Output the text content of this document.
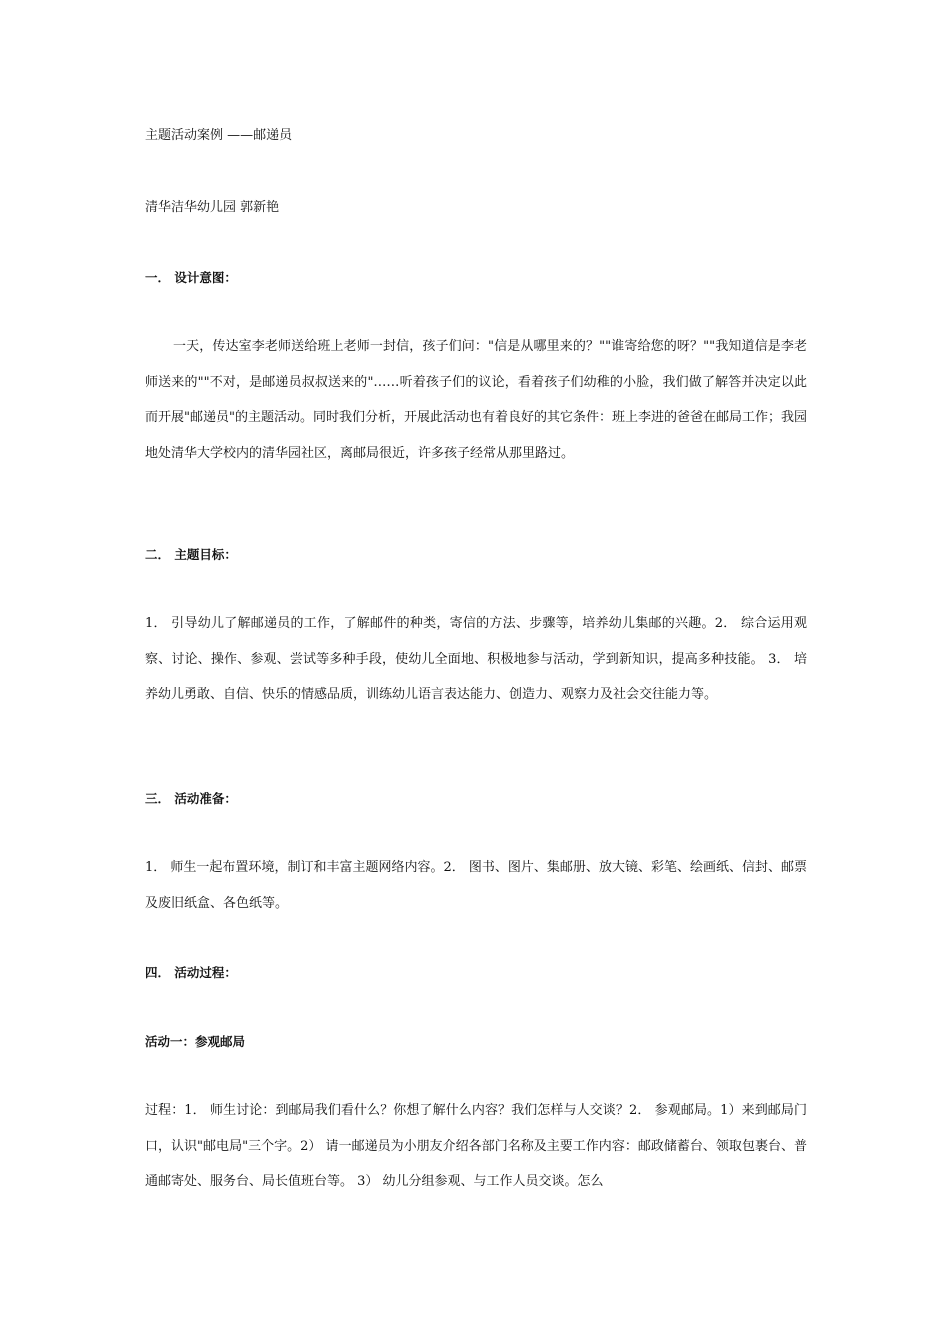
主题活动案例 ——邮递员
清华洁华幼儿园 郭新艳
一． 设计意图：
一天，传达室李老师送给班上老师一封信，孩子们问："信是从哪里来的？""谁寄给您的呀？""我知道信是李老师送来的""不对，是邮递员叔叔送来的"……听着孩子们的议论，看着孩子们幼稚的小脸，我们做了解答并决定以此而开展"邮递员"的主题活动。同时我们分析，开展此活动也有着良好的其它条件：班上李进的爸爸在邮局工作；我园地处清华大学校内的清华园社区，离邮局很近，许多孩子经常从那里路过。
二． 主题目标：
1． 引导幼儿了解邮递员的工作，了解邮件的种类，寄信的方法、步骤等，培养幼儿集邮的兴趣。2． 综合运用观察、讨论、操作、参观、尝试等多种手段，使幼儿全面地、积极地参与活动，学到新知识，提高多种技能。 3． 培养幼儿勇敢、自信、快乐的情感品质，训练幼儿语言表达能力、创造力、观察力及社会交往能力等。
三． 活动准备：
1． 师生一起布置环境，制订和丰富主题网络内容。2． 图书、图片、集邮册、放大镜、彩笔、绘画纸、信封、邮票及废旧纸盒、各色纸等。
四． 活动过程：
活动一：参观邮局
过程：1． 师生讨论：到邮局我们看什么？你想了解什么内容？我们怎样与人交谈？2． 参观邮局。1）来到邮局门口，认识"邮电局"三个字。2） 请一邮递员为小朋友介绍各部门名称及主要工作内容：邮政储蓄台、领取包裹台、普通邮寄处、服务台、局长值班台等。 3） 幼儿分组参观、与工作人员交谈。怎么
